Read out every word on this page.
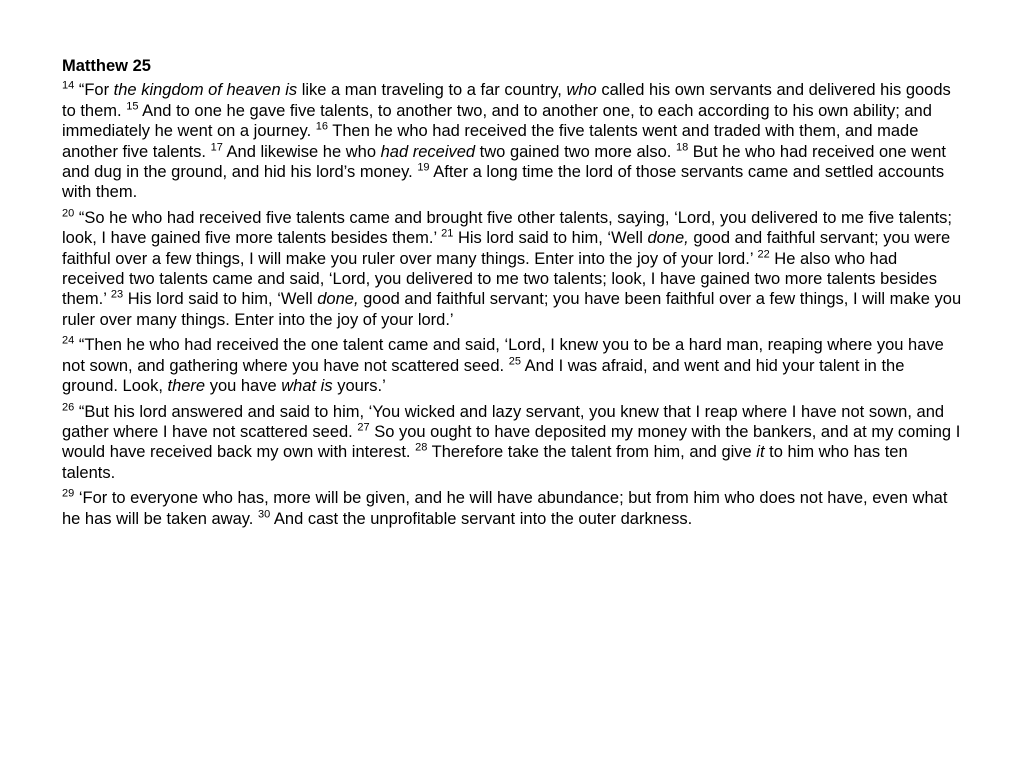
Matthew 25
$^{14}$ “For the kingdom of heaven is like a man traveling to a far country, who called his own servants and delivered his goods to them. $^{15}$ And to one he gave five talents, to another two, and to another one, to each according to his own ability; and immediately he went on a journey. $^{16}$ Then he who had received the five talents went and traded with them, and made another five talents. $^{17}$ And likewise he who had received two gained two more also. $^{18}$ But he who had received one went and dug in the ground, and hid his lord’s money. $^{19}$ After a long time the lord of those servants came and settled accounts with them.
$^{20}$ “So he who had received five talents came and brought five other talents, saying, ‘Lord, you delivered to me five talents; look, I have gained five more talents besides them.’ $^{21}$ His lord said to him, ‘Well done, good and faithful servant; you were faithful over a few things, I will make you ruler over many things. Enter into the joy of your lord.’ $^{22}$ He also who had received two talents came and said, ‘Lord, you delivered to me two talents; look, I have gained two more talents besides them.’ $^{23}$ His lord said to him, ‘Well done, good and faithful servant; you have been faithful over a few things, I will make you ruler over many things. Enter into the joy of your lord.’
$^{24}$ “Then he who had received the one talent came and said, ‘Lord, I knew you to be a hard man, reaping where you have not sown, and gathering where you have not scattered seed. $^{25}$ And I was afraid, and went and hid your talent in the ground. Look, there you have what is yours.’
$^{26}$ “But his lord answered and said to him, ‘You wicked and lazy servant, you knew that I reap where I have not sown, and gather where I have not scattered seed. $^{27}$ So you ought to have deposited my money with the bankers, and at my coming I would have received back my own with interest. $^{28}$ Therefore take the talent from him, and give it to him who has ten talents.
$^{29}$ ‘For to everyone who has, more will be given, and he will have abundance; but from him who does not have, even what he has will be taken away. $^{30}$ And cast the unprofitable servant into the outer darkness.
